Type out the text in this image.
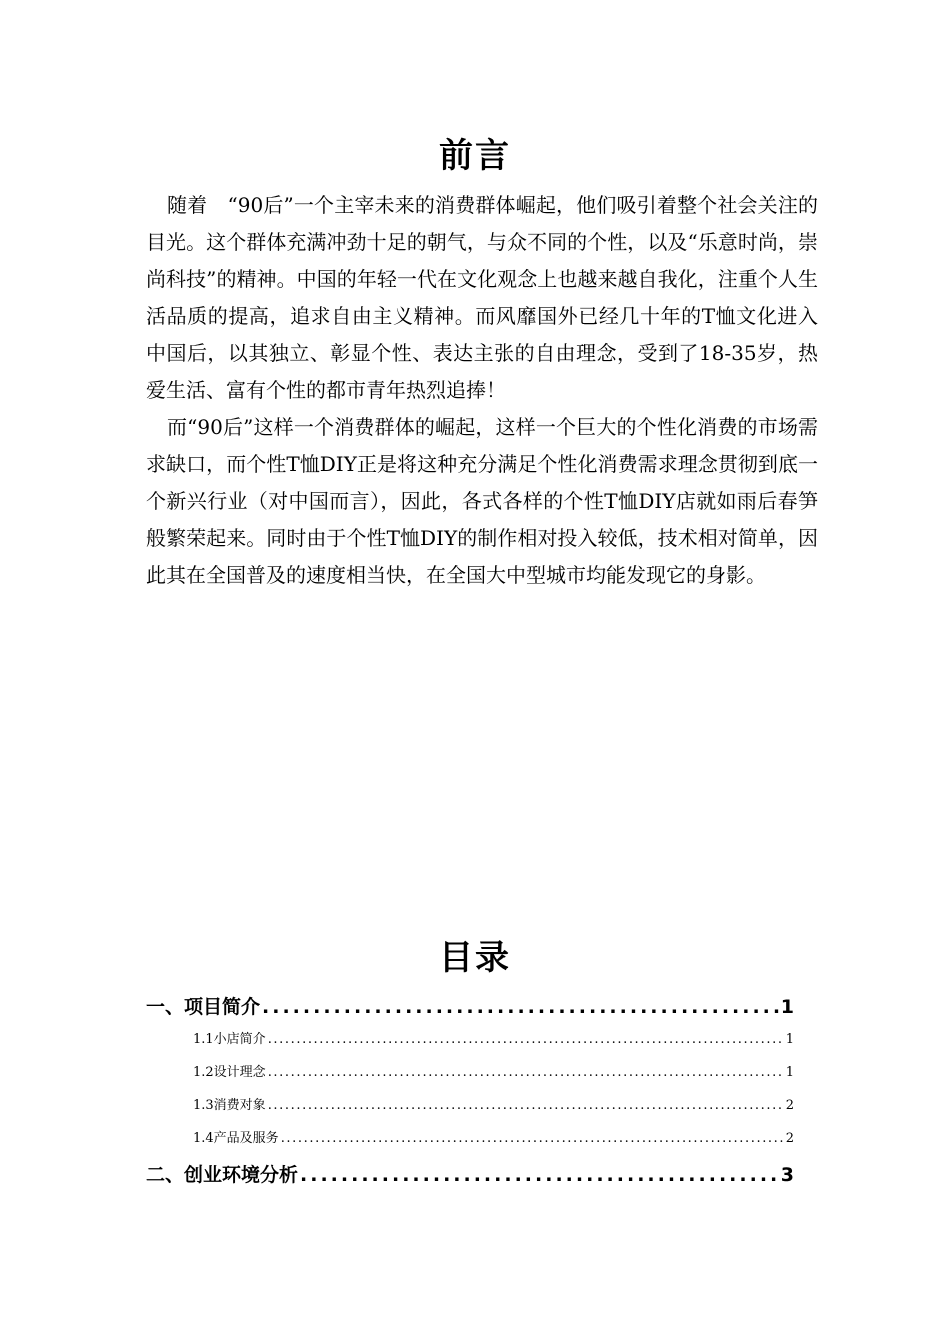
前言

随着　“90后”一个主宰未来的消费群体崛起，他们吸引着整个社会关注的目光。这个群体充满冲劲十足的朝气，与众不同的个性，以及“乐意时尚，崇尚科技”的精神。中国的年轻一代在文化观念上也越来越自我化，注重个人生活品质的提高，追求自由主义精神。而风靡国外已经几十年的T恤文化进入中国后，以其独立、彰显个性、表达主张的自由理念，受到了18-35岁，热爱生活、富有个性的都市青年热烈追捧！

而“90后”这样一个消费群体的崛起，这样一个巨大的个性化消费的市场需求缺口，而个性T恤DIY正是将这种充分满足个性化消费需求理念贯彻到底一个新兴行业（对中国而言），因此，各式各样的个性T恤DIY店就如雨后春笋般繁荣起来。同时由于个性T恤DIY的制作相对投入较低，技术相对简单，因此其在全国普及的速度相当快，在全国大中型城市均能发现它的身影。

目录
一、项目简介 .....	1
1.1小店简介 .....	1
1.2设计理念 .....	1
1.3消费对象 .....	2
1.4产品及服务 .....	2
二、创业环境分析 .....	3
